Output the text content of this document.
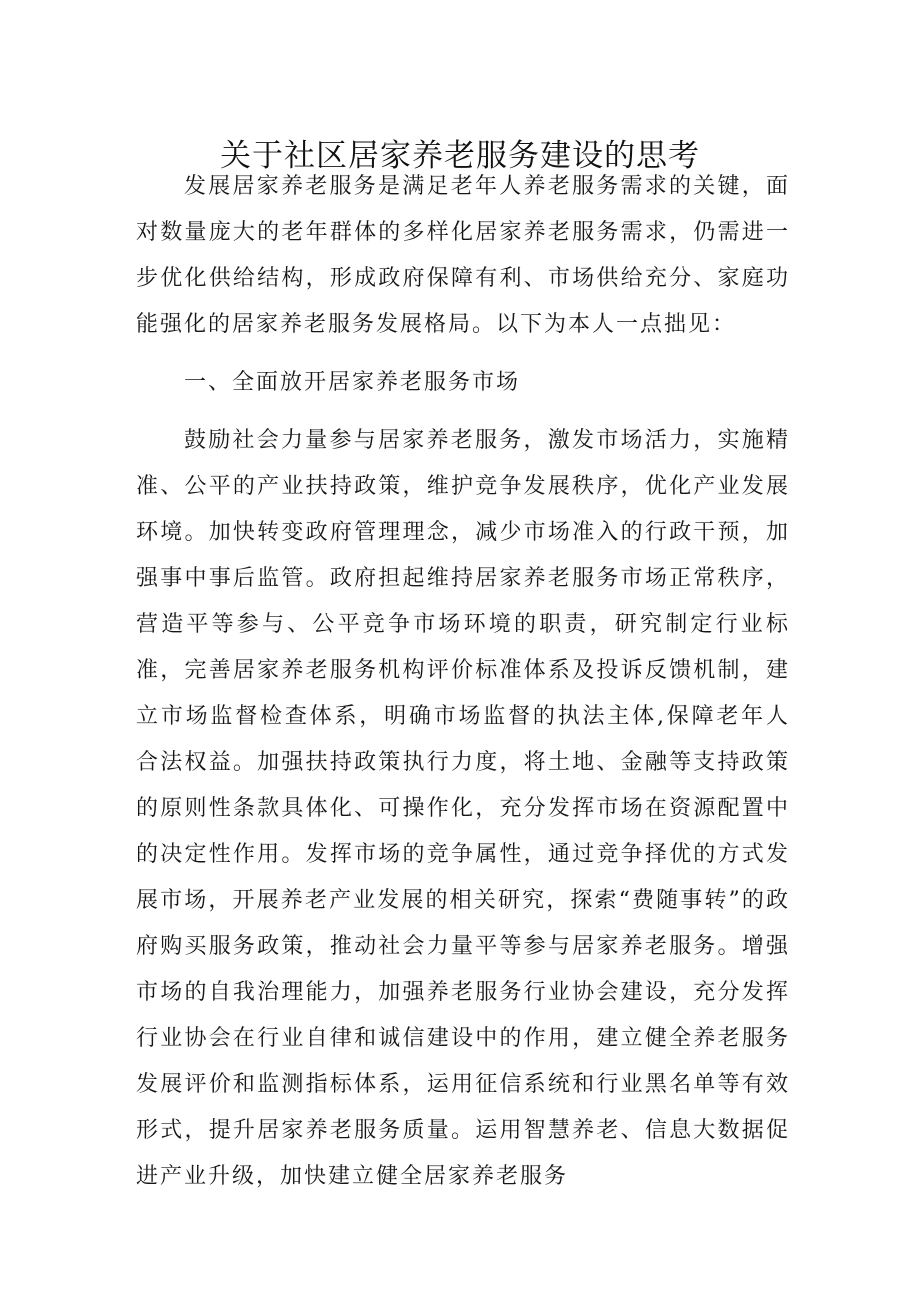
关于社区居家养老服务建设的思考

发展居家养老服务是满足老年人养老服务需求的关键，面对数量庞大的老年群体的多样化居家养老服务需求，仍需进一步优化供给结构，形成政府保障有利、市场供给充分、家庭功能强化的居家养老服务发展格局。以下为本人一点拙见：

一、全面放开居家养老服务市场

鼓励社会力量参与居家养老服务，激发市场活力，实施精准、公平的产业扶持政策，维护竞争发展秩序，优化产业发展环境。加快转变政府管理理念，减少市场准入的行政干预，加强事中事后监管。政府担起维持居家养老服务市场正常秩序，营造平等参与、公平竞争市场环境的职责，研究制定行业标准，完善居家养老服务机构评价标准体系及投诉反馈机制，建立市场监督检查体系，明确市场监督的执法主体,保障老年人合法权益。加强扶持政策执行力度，将土地、金融等支持政策的原则性条款具体化、可操作化，充分发挥市场在资源配置中的决定性作用。发挥市场的竞争属性，通过竞争择优的方式发展市场，开展养老产业发展的相关研究，探索“费随事转”的政府购买服务政策，推动社会力量平等参与居家养老服务。增强市场的自我治理能力，加强养老服务行业协会建设，充分发挥行业协会在行业自律和诚信建设中的作用，建立健全养老服务发展评价和监测指标体系，运用征信系统和行业黑名单等有效形式，提升居家养老服务质量。运用智慧养老、信息大数据促进产业升级，加快建立健全居家养老服务
